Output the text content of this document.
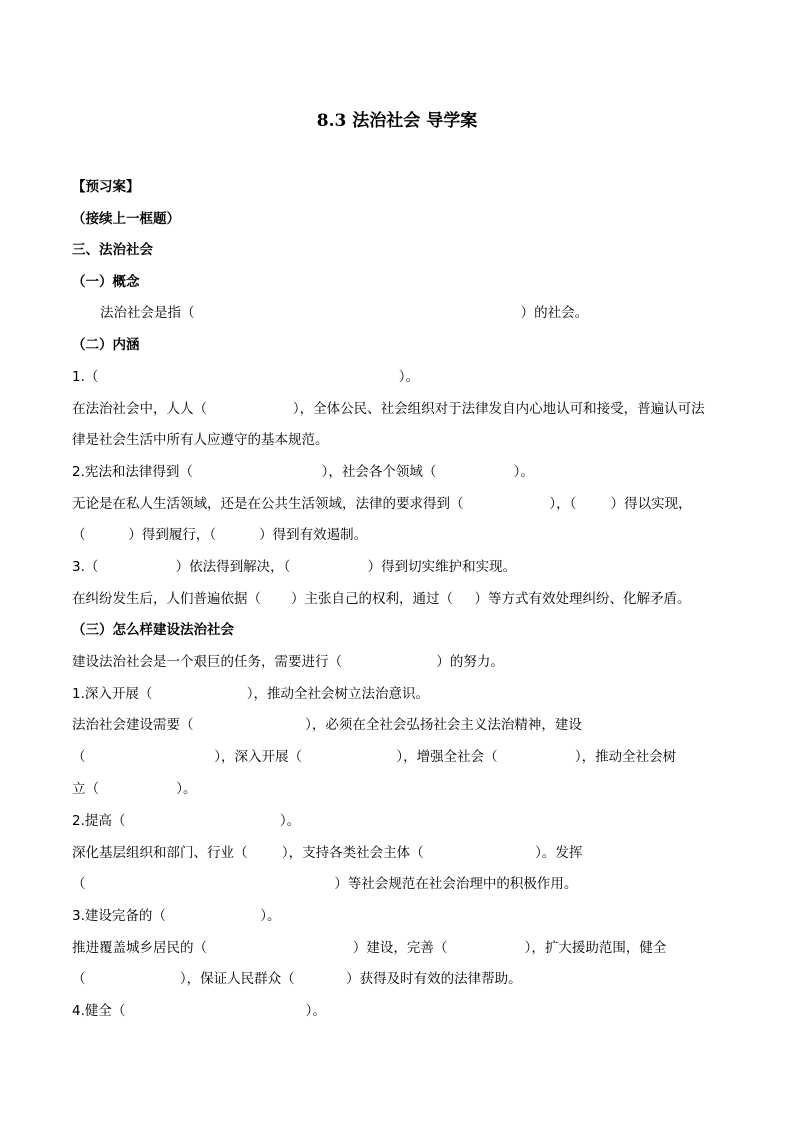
8.3 法治社会 导学案
【预习案】
（接续上一框题）
三、法治社会
（一）概念
法治社会是指（                                                                            ）的社会。
（二）内涵
1.（                                                                      ）。
在法治社会中，人人（                    ），全体公民、社会组织对于法律发自内心地认可和接受，普遍认可法
律是社会生活中所有人应遵守的基本规范。
2.宪法和法律得到（                              ），社会各个领域（                  ）。
无论是在私人生活领域，还是在公共生活领域，法律的要求得到（                    ），（        ）得以实现，
（          ）得到履行，（          ）得到有效遏制。
3.（                  ）依法得到解决，（                  ）得到切实维护和实现。
在纠纷发生后，人们普遍依据（       ）主张自己的权利，通过（     ）等方式有效处理纠纷、化解矛盾。
（三）怎么样建设法治社会
建设法治社会是一个艰巨的任务，需要进行（                      ）的努力。
1.深入开展（                      ），推动全社会树立法治意识。
法治社会建设需要（                          ），必须在全社会弘扬社会主义法治精神，建设
（                              ），深入开展（                      ），增强全社会（                  ），推动全社会树
立（                  ）。
2.提高（                                    ）。
深化基层组织和部门、行业（        ），支持各类社会主体（                          ）。发挥
（                                                          ）等社会规范在社会治理中的积极作用。
3.建设完备的（                      ）。
推进覆盖城乡居民的（                                  ）建设，完善（                  ），扩大援助范围，健全
（                      ），保证人民群众（            ）获得及时有效的法律帮助。
4.健全（                                          ）。
